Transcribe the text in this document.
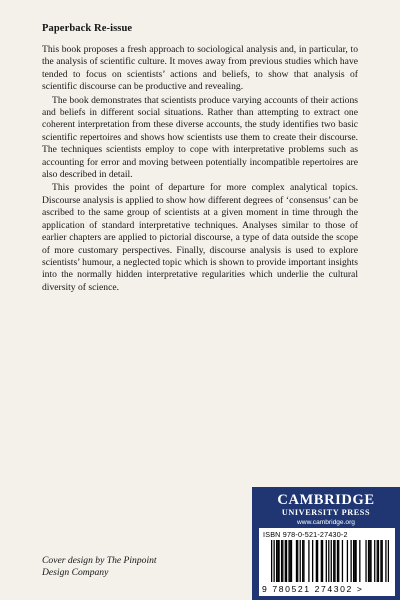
Paperback Re-issue

This book proposes a fresh approach to sociological analysis and, in particular, to the analysis of scientific culture. It moves away from previous studies which have tended to focus on scientists’ actions and beliefs, to show that analysis of scientific discourse can be productive and revealing.

The book demonstrates that scientists produce varying accounts of their actions and beliefs in different social situations. Rather than attempting to extract one coherent interpretation from these diverse accounts, the study identifies two basic scientific repertoires and shows how scientists use them to create their discourse. The techniques scientists employ to cope with interpretative problems such as accounting for error and moving between potentially incompatible repertoires are also described in detail.

This provides the point of departure for more complex analytical topics. Discourse analysis is applied to show how different degrees of ‘consensus’ can be ascribed to the same group of scientists at a given moment in time through the application of standard interpretative techniques. Analyses similar to those of earlier chapters are applied to pictorial discourse, a type of data outside the scope of more customary perspectives. Finally, discourse analysis is used to explore scientists’ humour, a neglected topic which is shown to provide important insights into the normally hidden interpretative regularities which underlie the cultural diversity of science.

CAMBRIDGE
UNIVERSITY PRESS
www.cambridge.org
ISBN 978-0-521-27430-2
9 780521 274302 >
Cover design by The Pinpoint
Design Company
